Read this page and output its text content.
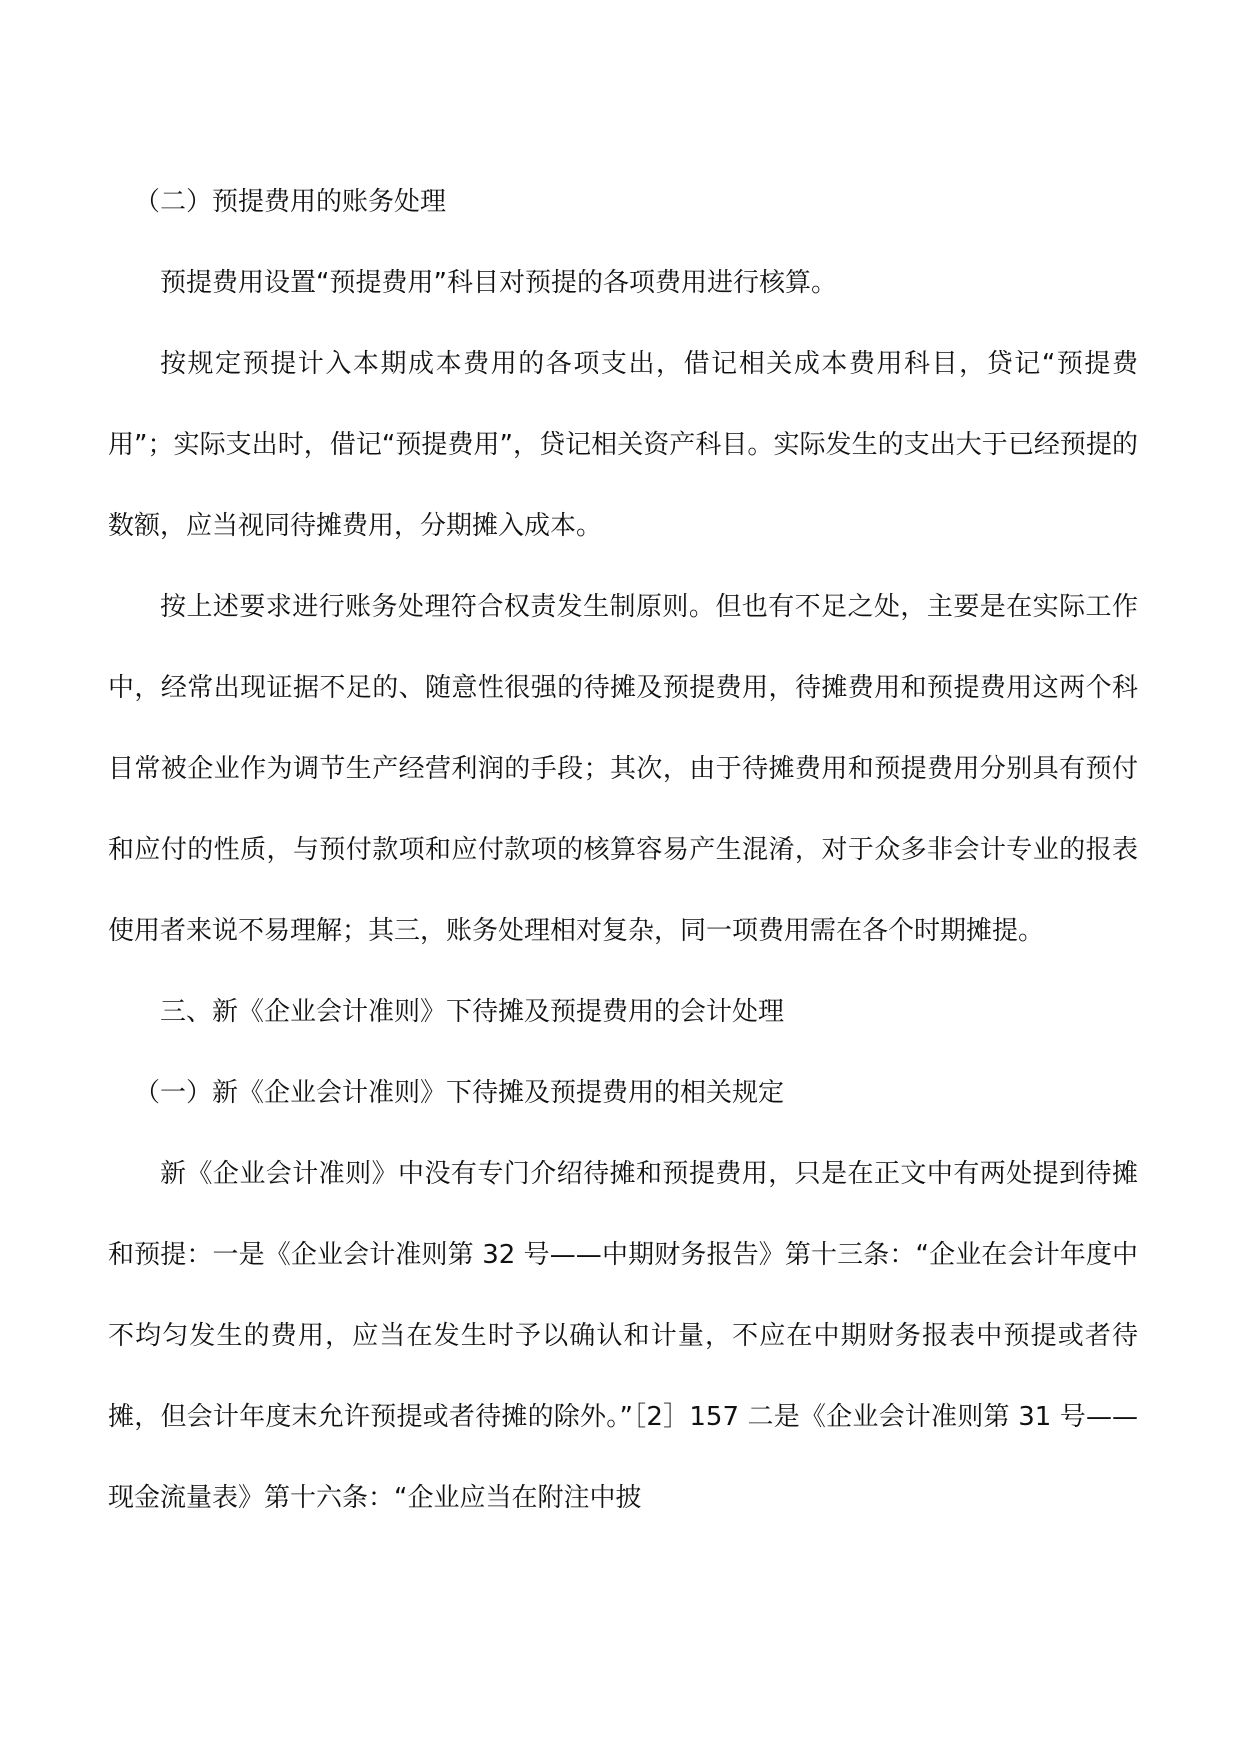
（二）预提费用的账务处理

预提费用设置“预提费用”科目对预提的各项费用进行核算。

按规定预提计入本期成本费用的各项支出，借记相关成本费用科目，贷记“预提费用”；实际支出时，借记“预提费用”，贷记相关资产科目。实际发生的支出大于已经预提的数额，应当视同待摊费用，分期摊入成本。

按上述要求进行账务处理符合权责发生制原则。但也有不足之处，主要是在实际工作中，经常出现证据不足的、随意性很强的待摊及预提费用，待摊费用和预提费用这两个科目常被企业作为调节生产经营利润的手段；其次，由于待摊费用和预提费用分别具有预付和应付的性质，与预付款项和应付款项的核算容易产生混淆，对于众多非会计专业的报表使用者来说不易理解；其三，账务处理相对复杂，同一项费用需在各个时期摊提。

三、新《企业会计准则》下待摊及预提费用的会计处理

（一）新《企业会计准则》下待摊及预提费用的相关规定

新《企业会计准则》中没有专门介绍待摊和预提费用，只是在正文中有两处提到待摊和预提：一是《企业会计准则第 32 号——中期财务报告》第十三条：“企业在会计年度中不均匀发生的费用，应当在发生时予以确认和计量，不应在中期财务报表中预提或者待摊，但会计年度末允许预提或者待摊的除外。”［2］157 二是《企业会计准则第 31 号——现金流量表》第十六条：“企业应当在附注中披
